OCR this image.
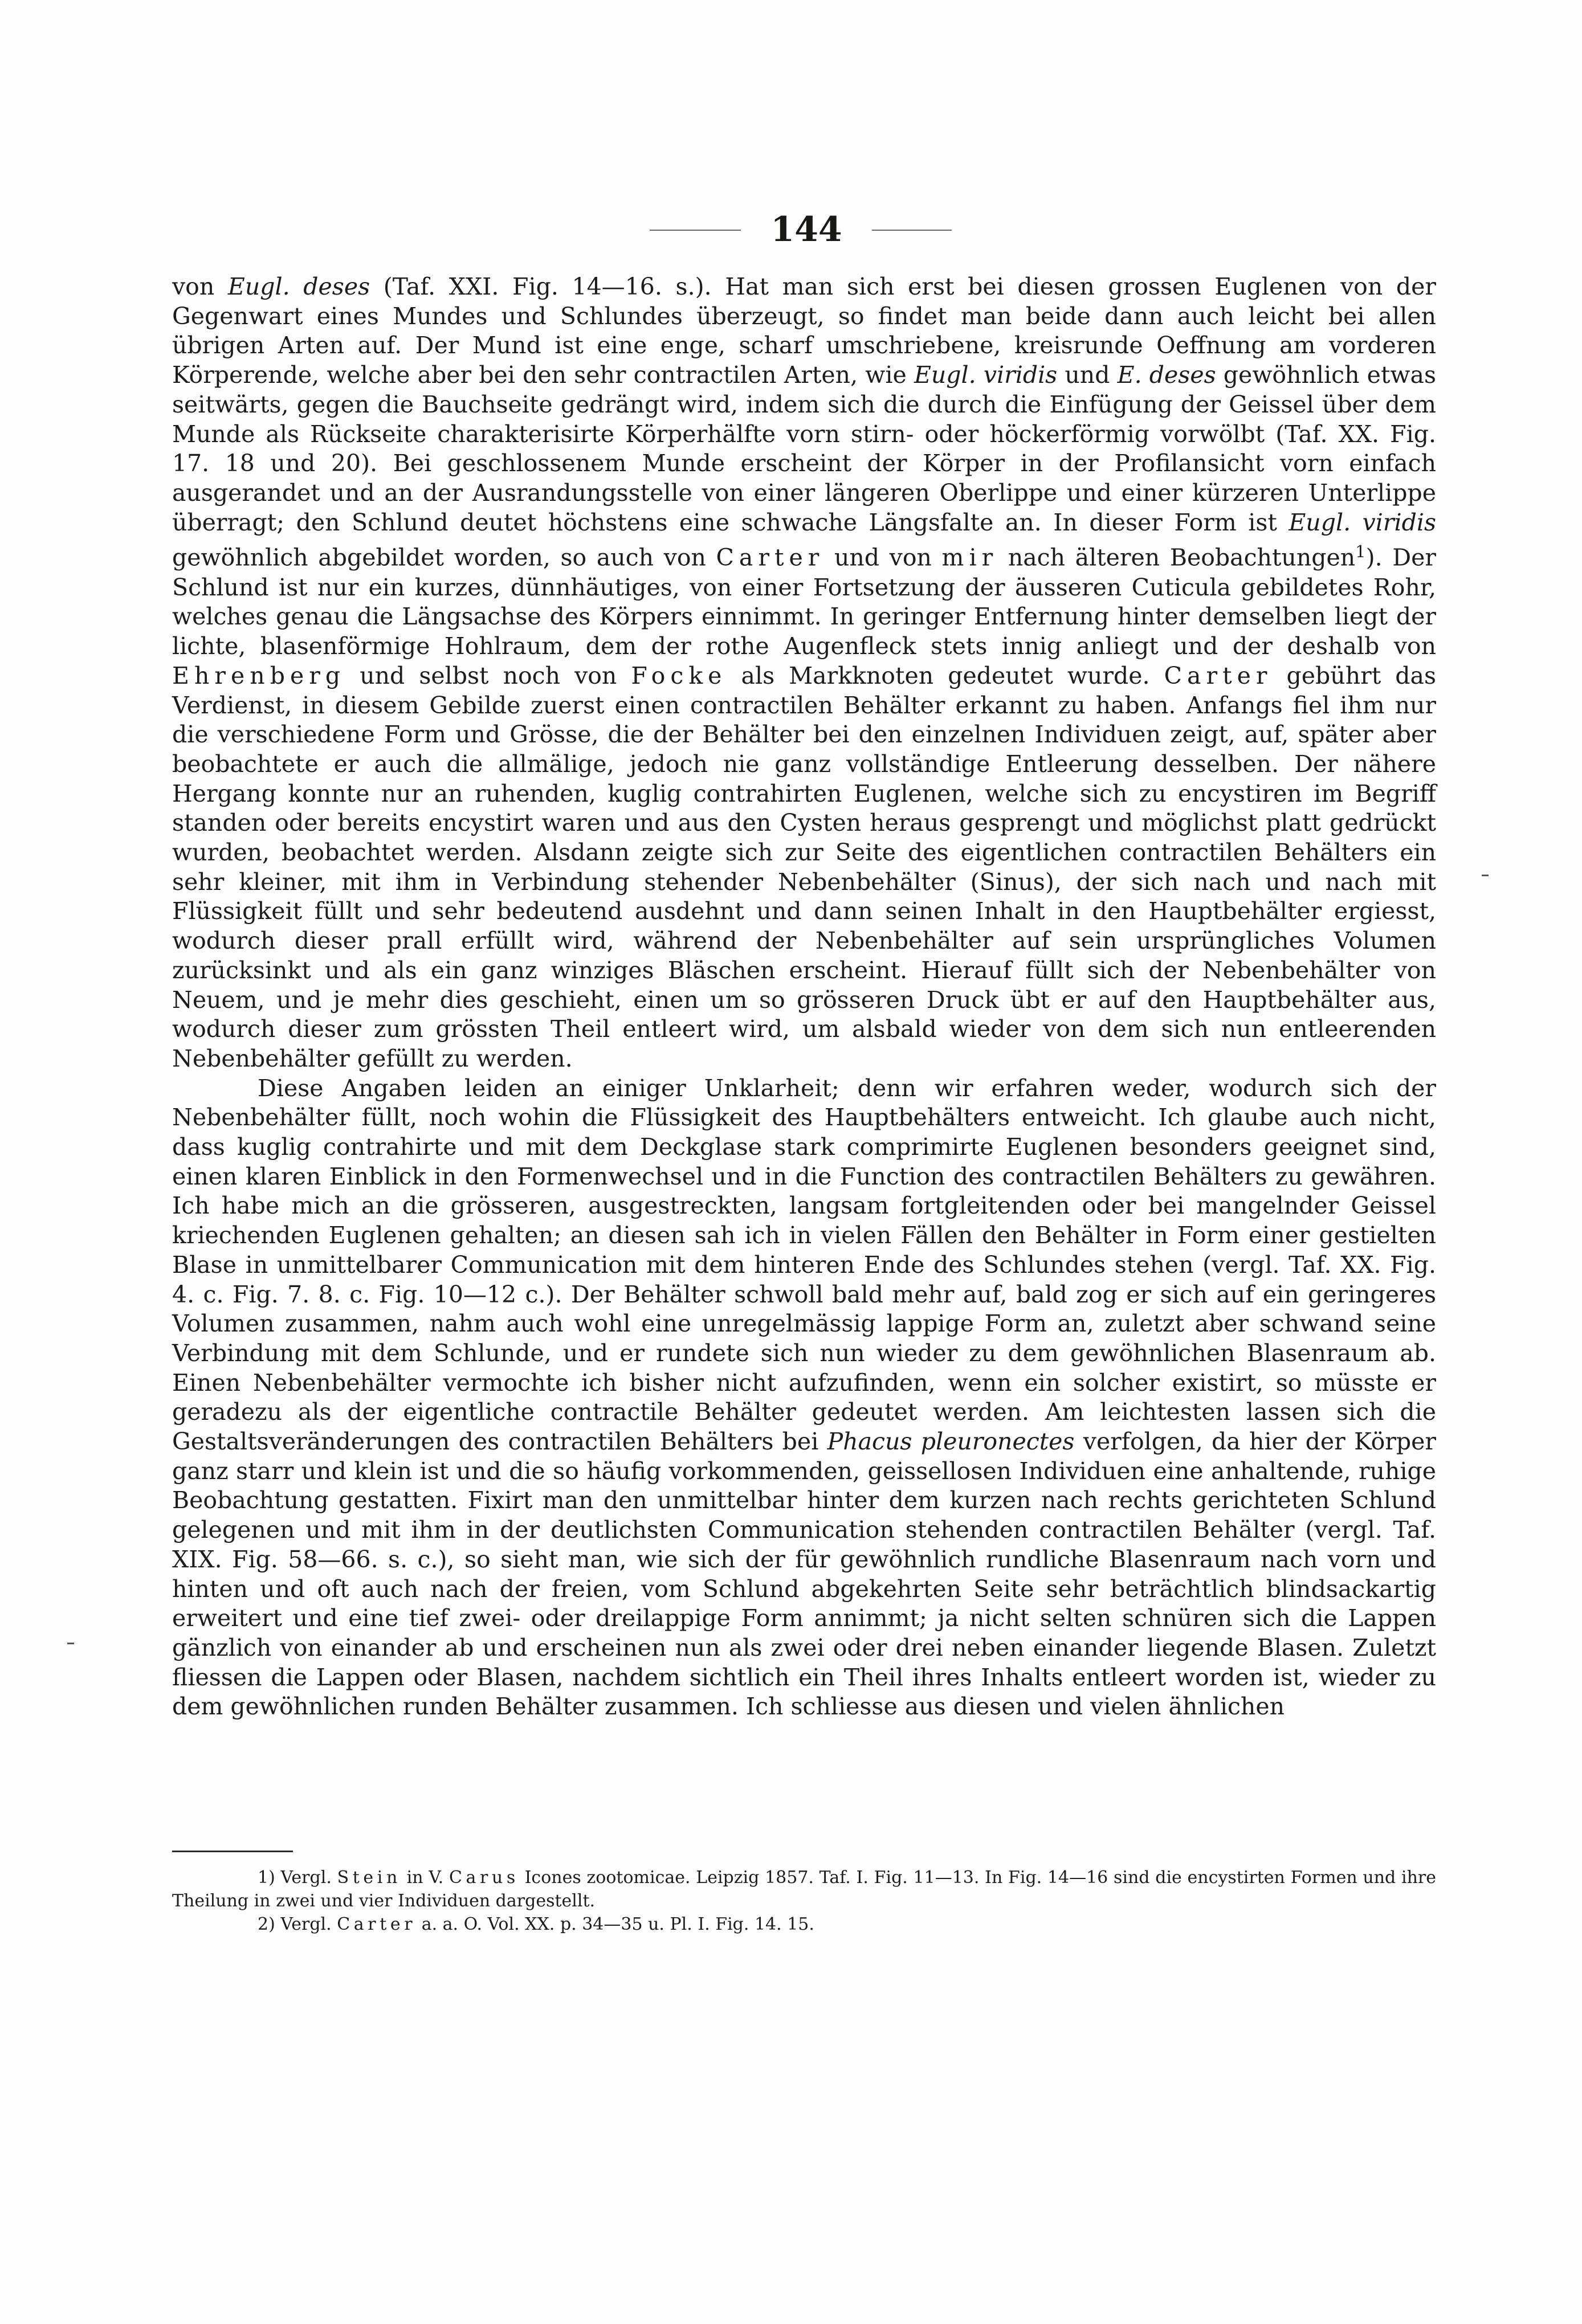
144

von Eugl. deses (Taf. XXI. Fig. 14—16. s.). Hat man sich erst bei diesen grossen Euglenen von der Gegenwart eines Mundes und Schlundes überzeugt, so findet man beide dann auch leicht bei allen übrigen Arten auf. Der Mund ist eine enge, scharf umschriebene, kreisrunde Oeffnung am vorderen Körperende, welche aber bei den sehr contractilen Arten, wie Eugl. viridis und E. deses gewöhnlich etwas seitwärts, gegen die Bauchseite gedrängt wird, indem sich die durch die Einfügung der Geissel über dem Munde als Rückseite charakterisirte Körperhälfte vorn stirn- oder höckerförmig vorwölbt (Taf. XX. Fig. 17. 18 und 20). Bei geschlossenem Munde erscheint der Körper in der Profilansicht vorn einfach ausgerandet und an der Ausrandungsstelle von einer längeren Oberlippe und einer kürzeren Unterlippe überragt; den Schlund deutet höchstens eine schwache Längsfalte an. In dieser Form ist Eugl. viridis gewöhnlich abgebildet worden, so auch von Carter und von mir nach älteren Beobachtungen$^1$). Der Schlund ist nur ein kurzes, dünnhäutiges, von einer Fortsetzung der äusseren Cuticula gebildetes Rohr, welches genau die Längsachse des Körpers einnimmt. In geringer Entfernung hinter demselben liegt der lichte, blasenförmige Hohlraum, dem der rothe Augenfleck stets innig anliegt und der deshalb von Ehrenberg und selbst noch von Focke als Markknoten gedeutet wurde. Carter gebührt das Verdienst, in diesem Gebilde zuerst einen contractilen Behälter erkannt zu haben. Anfangs fiel ihm nur die verschiedene Form und Grösse, die der Behälter bei den einzelnen Individuen zeigt, auf, später aber beobachtete er auch die allmälige, jedoch nie ganz vollständige Entleerung desselben. Der nähere Hergang konnte nur an ruhenden, kuglig contrahirten Euglenen, welche sich zu encystiren im Begriff standen oder bereits encystirt waren und aus den Cysten heraus gesprengt und möglichst platt gedrückt wurden, beobachtet werden. Alsdann zeigte sich zur Seite des eigentlichen contractilen Behälters ein sehr kleiner, mit ihm in Verbindung stehender Nebenbehälter (Sinus), der sich nach und nach mit Flüssigkeit füllt und sehr bedeutend ausdehnt und dann seinen Inhalt in den Hauptbehälter ergiesst, wodurch dieser prall erfüllt wird, während der Nebenbehälter auf sein ursprüngliches Volumen zurücksinkt und als ein ganz winziges Bläschen erscheint. Hierauf füllt sich der Nebenbehälter von Neuem, und je mehr dies geschieht, einen um so grösseren Druck übt er auf den Hauptbehälter aus, wodurch dieser zum grössten Theil entleert wird, um alsbald wieder von dem sich nun entleerenden Nebenbehälter gefüllt zu werden.

Diese Angaben leiden an einiger Unklarheit; denn wir erfahren weder, wodurch sich der Nebenbehälter füllt, noch wohin die Flüssigkeit des Hauptbehälters entweicht. Ich glaube auch nicht, dass kuglig contrahirte und mit dem Deckglase stark comprimirte Euglenen besonders geeignet sind, einen klaren Einblick in den Formenwechsel und in die Function des contractilen Behälters zu gewähren. Ich habe mich an die grösseren, ausgestreckten, langsam fortgleitenden oder bei mangelnder Geissel kriechenden Euglenen gehalten; an diesen sah ich in vielen Fällen den Behälter in Form einer gestielten Blase in unmittelbarer Communication mit dem hinteren Ende des Schlundes stehen (vergl. Taf. XX. Fig. 4. c. Fig. 7. 8. c. Fig. 10—12 c.). Der Behälter schwoll bald mehr auf, bald zog er sich auf ein geringeres Volumen zusammen, nahm auch wohl eine unregelmässig lappige Form an, zuletzt aber schwand seine Verbindung mit dem Schlunde, und er rundete sich nun wieder zu dem gewöhnlichen Blasenraum ab. Einen Nebenbehälter vermochte ich bisher nicht aufzufinden, wenn ein solcher existirt, so müsste er geradezu als der eigentliche contractile Behälter gedeutet werden. Am leichtesten lassen sich die Gestaltsveränderungen des contractilen Behälters bei Phacus pleuronectes verfolgen, da hier der Körper ganz starr und klein ist und die so häufig vorkommenden, geissellosen Individuen eine anhaltende, ruhige Beobachtung gestatten. Fixirt man den unmittelbar hinter dem kurzen nach rechts gerichteten Schlund gelegenen und mit ihm in der deutlichsten Communication stehenden contractilen Behälter (vergl. Taf. XIX. Fig. 58—66. s. c.), so sieht man, wie sich der für gewöhnlich rundliche Blasenraum nach vorn und hinten und oft auch nach der freien, vom Schlund abgekehrten Seite sehr beträchtlich blindsackartig erweitert und eine tief zwei- oder dreilappige Form annimmt; ja nicht selten schnüren sich die Lappen gänzlich von einander ab und erscheinen nun als zwei oder drei neben einander liegende Blasen. Zuletzt fliessen die Lappen oder Blasen, nachdem sichtlich ein Theil ihres Inhalts entleert worden ist, wieder zu dem gewöhnlichen runden Behälter zusammen. Ich schliesse aus diesen und vielen ähnlichen

1) Vergl. Stein in V. Carus Icones zootomicae. Leipzig 1857. Taf. I. Fig. 11—13. In Fig. 14—16 sind die encystirten Formen und ihre Theilung in zwei und vier Individuen dargestellt.

2) Vergl. Carter a. a. O. Vol. XX. p. 34—35 u. Pl. I. Fig. 14. 15.
